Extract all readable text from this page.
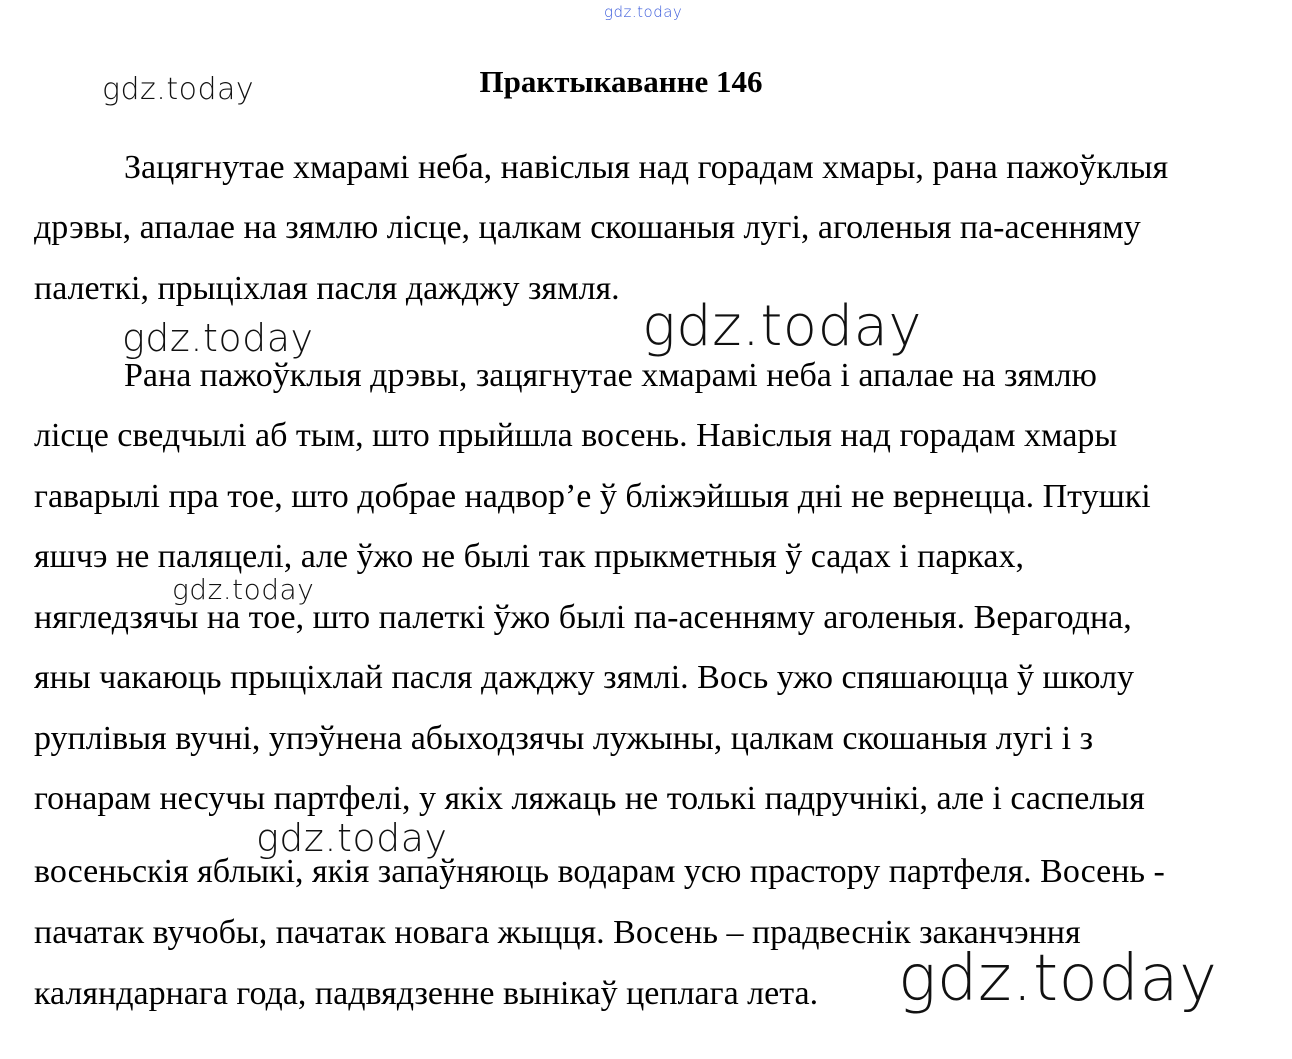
gdz.today
gdz.today	Практыкаванне 146
Зацягнутае хмарамі неба, навіслыя над горадам хмары, рана пажоўклыя
дрэвы, апалае на зямлю лісце, цалкам скошаныя лугі, аголеныя па-асенняму
палеткі, прыціхлая пасля дажджу зямля.
Рана пажоўклыя дрэвы, зацягнутае хмарамі неба і апалае на зямлю
лісце сведчылі аб тым, што прыйшла восень. Навіслыя над горадам хмары
гаварылі пра тое, што добрае надвор’е ў бліжэйшыя дні не вернецца. Птушкі
яшчэ не паляцелі, але ўжо не былі так прыкметныя ў садах і парках,
нягледзячы на тое, што палеткі ўжо былі па-асенняму аголеныя. Верагодна,
яны чакаюць прыціхлай пасля дажджу зямлі. Вось ужо спяшаюцца ў школу
руплівыя вучні, упэўнена абыходзячы лужыны, цалкам скошаныя лугі і з
гонарам несучы партфелі, у якіх ляжаць не толькі падручнікі, але і саспелыя
восеньскія яблыкі, якія запаўняюць водарам усю прастору партфеля. Восень -
пачатак вучобы, пачатак новага жыцця. Восень – прадвеснік заканчэння
каляндарнага года, падвядзенне вынікаў цеплага лета.
gdz.today	gdz.today
gdz.today
gdz.today
gdz.today
